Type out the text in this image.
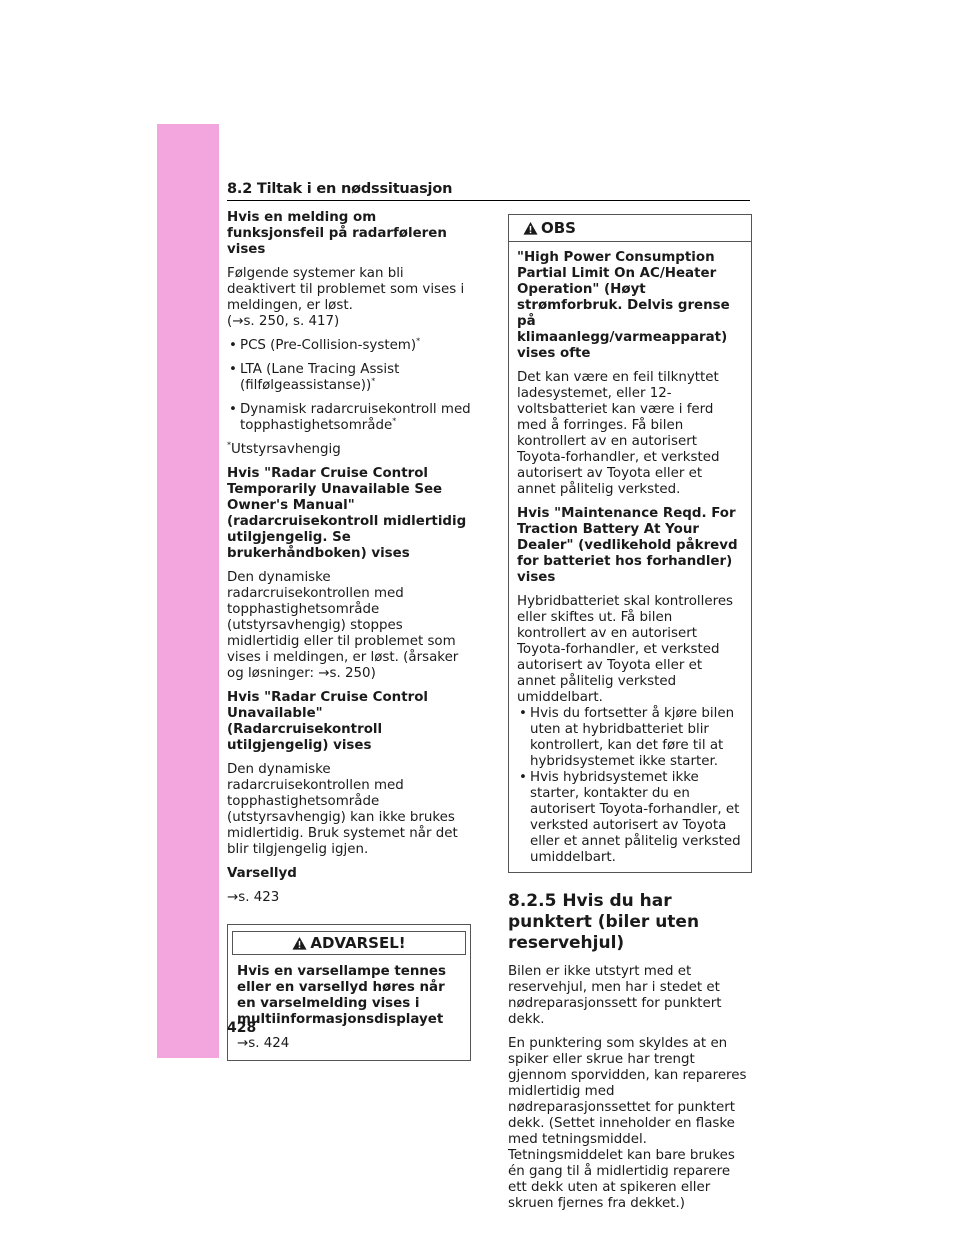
8.2 Tiltak i en nødssituasjon

Hvis en melding om funksjonsfeil på radarføleren vises

Følgende systemer kan bli deaktivert til problemet som vises i meldingen, er løst.
(→s. 250, s. 417)

• PCS (Pre-Collision-system)*
• LTA (Lane Tracing Assist (filfølgeassistanse))*
• Dynamisk radarcruisekontroll med topphastighetsområde*

*Utstyrsavhengig

Hvis "Radar Cruise Control Temporarily Unavailable See Owner's Manual" (radarcruisekontroll midlertidig utilgjengelig. Se brukerhåndboken) vises

Den dynamiske radarcruisekontrollen med topphastighetsområde (utstyrsavhengig) stoppes midlertidig eller til problemet som vises i meldingen, er løst. (årsaker og løsninger: →s. 250)

Hvis "Radar Cruise Control Unavailable" (Radarcruisekontroll utilgjengelig) vises

Den dynamiske radarcruisekontrollen med topphastighetsområde (utstyrsavhengig) kan ikke brukes midlertidig. Bruk systemet når det blir tilgjengelig igjen.

Varsellyd

→s. 423

ADVARSEL!

Hvis en varsellampe tennes eller en varsellyd høres når en varselmelding vises i multiinformasjonsdisplayet

→s. 424

OBS

"High Power Consumption Partial Limit On AC/Heater Operation" (Høyt strømforbruk. Delvis grense på klimaanlegg/varmeapparat) vises ofte

Det kan være en feil tilknyttet ladesystemet, eller 12-voltsbatteriet kan være i ferd med å forringes. Få bilen kontrollert av en autorisert Toyota-forhandler, et verksted autorisert av Toyota eller et annet pålitelig verksted.

Hvis "Maintenance Reqd. For Traction Battery At Your Dealer" (vedlikehold påkrevd for batteriet hos forhandler) vises

Hybridbatteriet skal kontrolleres eller skiftes ut. Få bilen kontrollert av en autorisert Toyota-forhandler, et verksted autorisert av Toyota eller et annet pålitelig verksted umiddelbart.

• Hvis du fortsetter å kjøre bilen uten at hybridbatteriet blir kontrollert, kan det føre til at hybridsystemet ikke starter.
• Hvis hybridsystemet ikke starter, kontakter du en autorisert Toyota-forhandler, et verksted autorisert av Toyota eller et annet pålitelig verksted umiddelbart.
8.2.5 Hvis du har punktert (biler uten reservehjul)

Bilen er ikke utstyrt med et reservehjul, men har i stedet et nødreparasjonssett for punktert dekk.

En punktering som skyldes at en spiker eller skrue har trengt gjennom sporvidden, kan repareres midlertidig med nødreparasjonssettet for punktert dekk. (Settet inneholder en flaske med tetningsmiddel. Tetningsmiddelet kan bare brukes én gang til å midlertidig reparere ett dekk uten at spikeren eller skruen fjernes fra dekket.)

428
